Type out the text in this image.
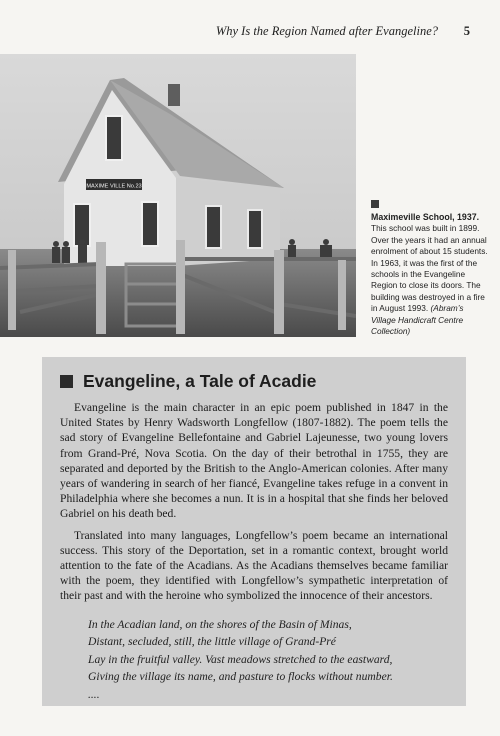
Why Is the Region Named after Evangeline? 5
MAXIME VILLE No.23
Maximeville School, 1937. This school was built in 1899. Over the years it had an annual enrolment of about 15 students. In 1963, it was the first of the schools in the Evangeline Region to close its doors. The building was destroyed in a fire in August 1993. (Abram’s Village Handicraft Centre Collection)
Evangeline, a Tale of Acadie

Evangeline is the main character in an epic poem published in 1847 in the United States by Henry Wadsworth Longfellow (1807-1882). The poem tells the sad story of Evangeline Bellefontaine and Gabriel Lajeunesse, two young lovers from Grand-Pré, Nova Scotia. On the day of their betrothal in 1755, they are separated and deported by the British to the Anglo-American colonies. After many years of wandering in search of her fiancé, Evangeline takes refuge in a convent in Philadelphia where she becomes a nun. It is in a hospital that she finds her beloved Gabriel on his death bed.

Translated into many languages, Longfellow’s poem became an international success. This story of the Deportation, set in a romantic context, brought world attention to the fate of the Acadians. As the Acadians themselves became familiar with the poem, they identified with Longfellow’s sympathetic interpretation of their past and with the heroine who symbolized the innocence of their ancestors.

In the Acadian land, on the shores of the Basin of Minas,
Distant, secluded, still, the little village of Grand-Pré
Lay in the fruitful valley. Vast meadows stretched to the eastward,
Giving the village its name, and pasture to flocks without number.
....
